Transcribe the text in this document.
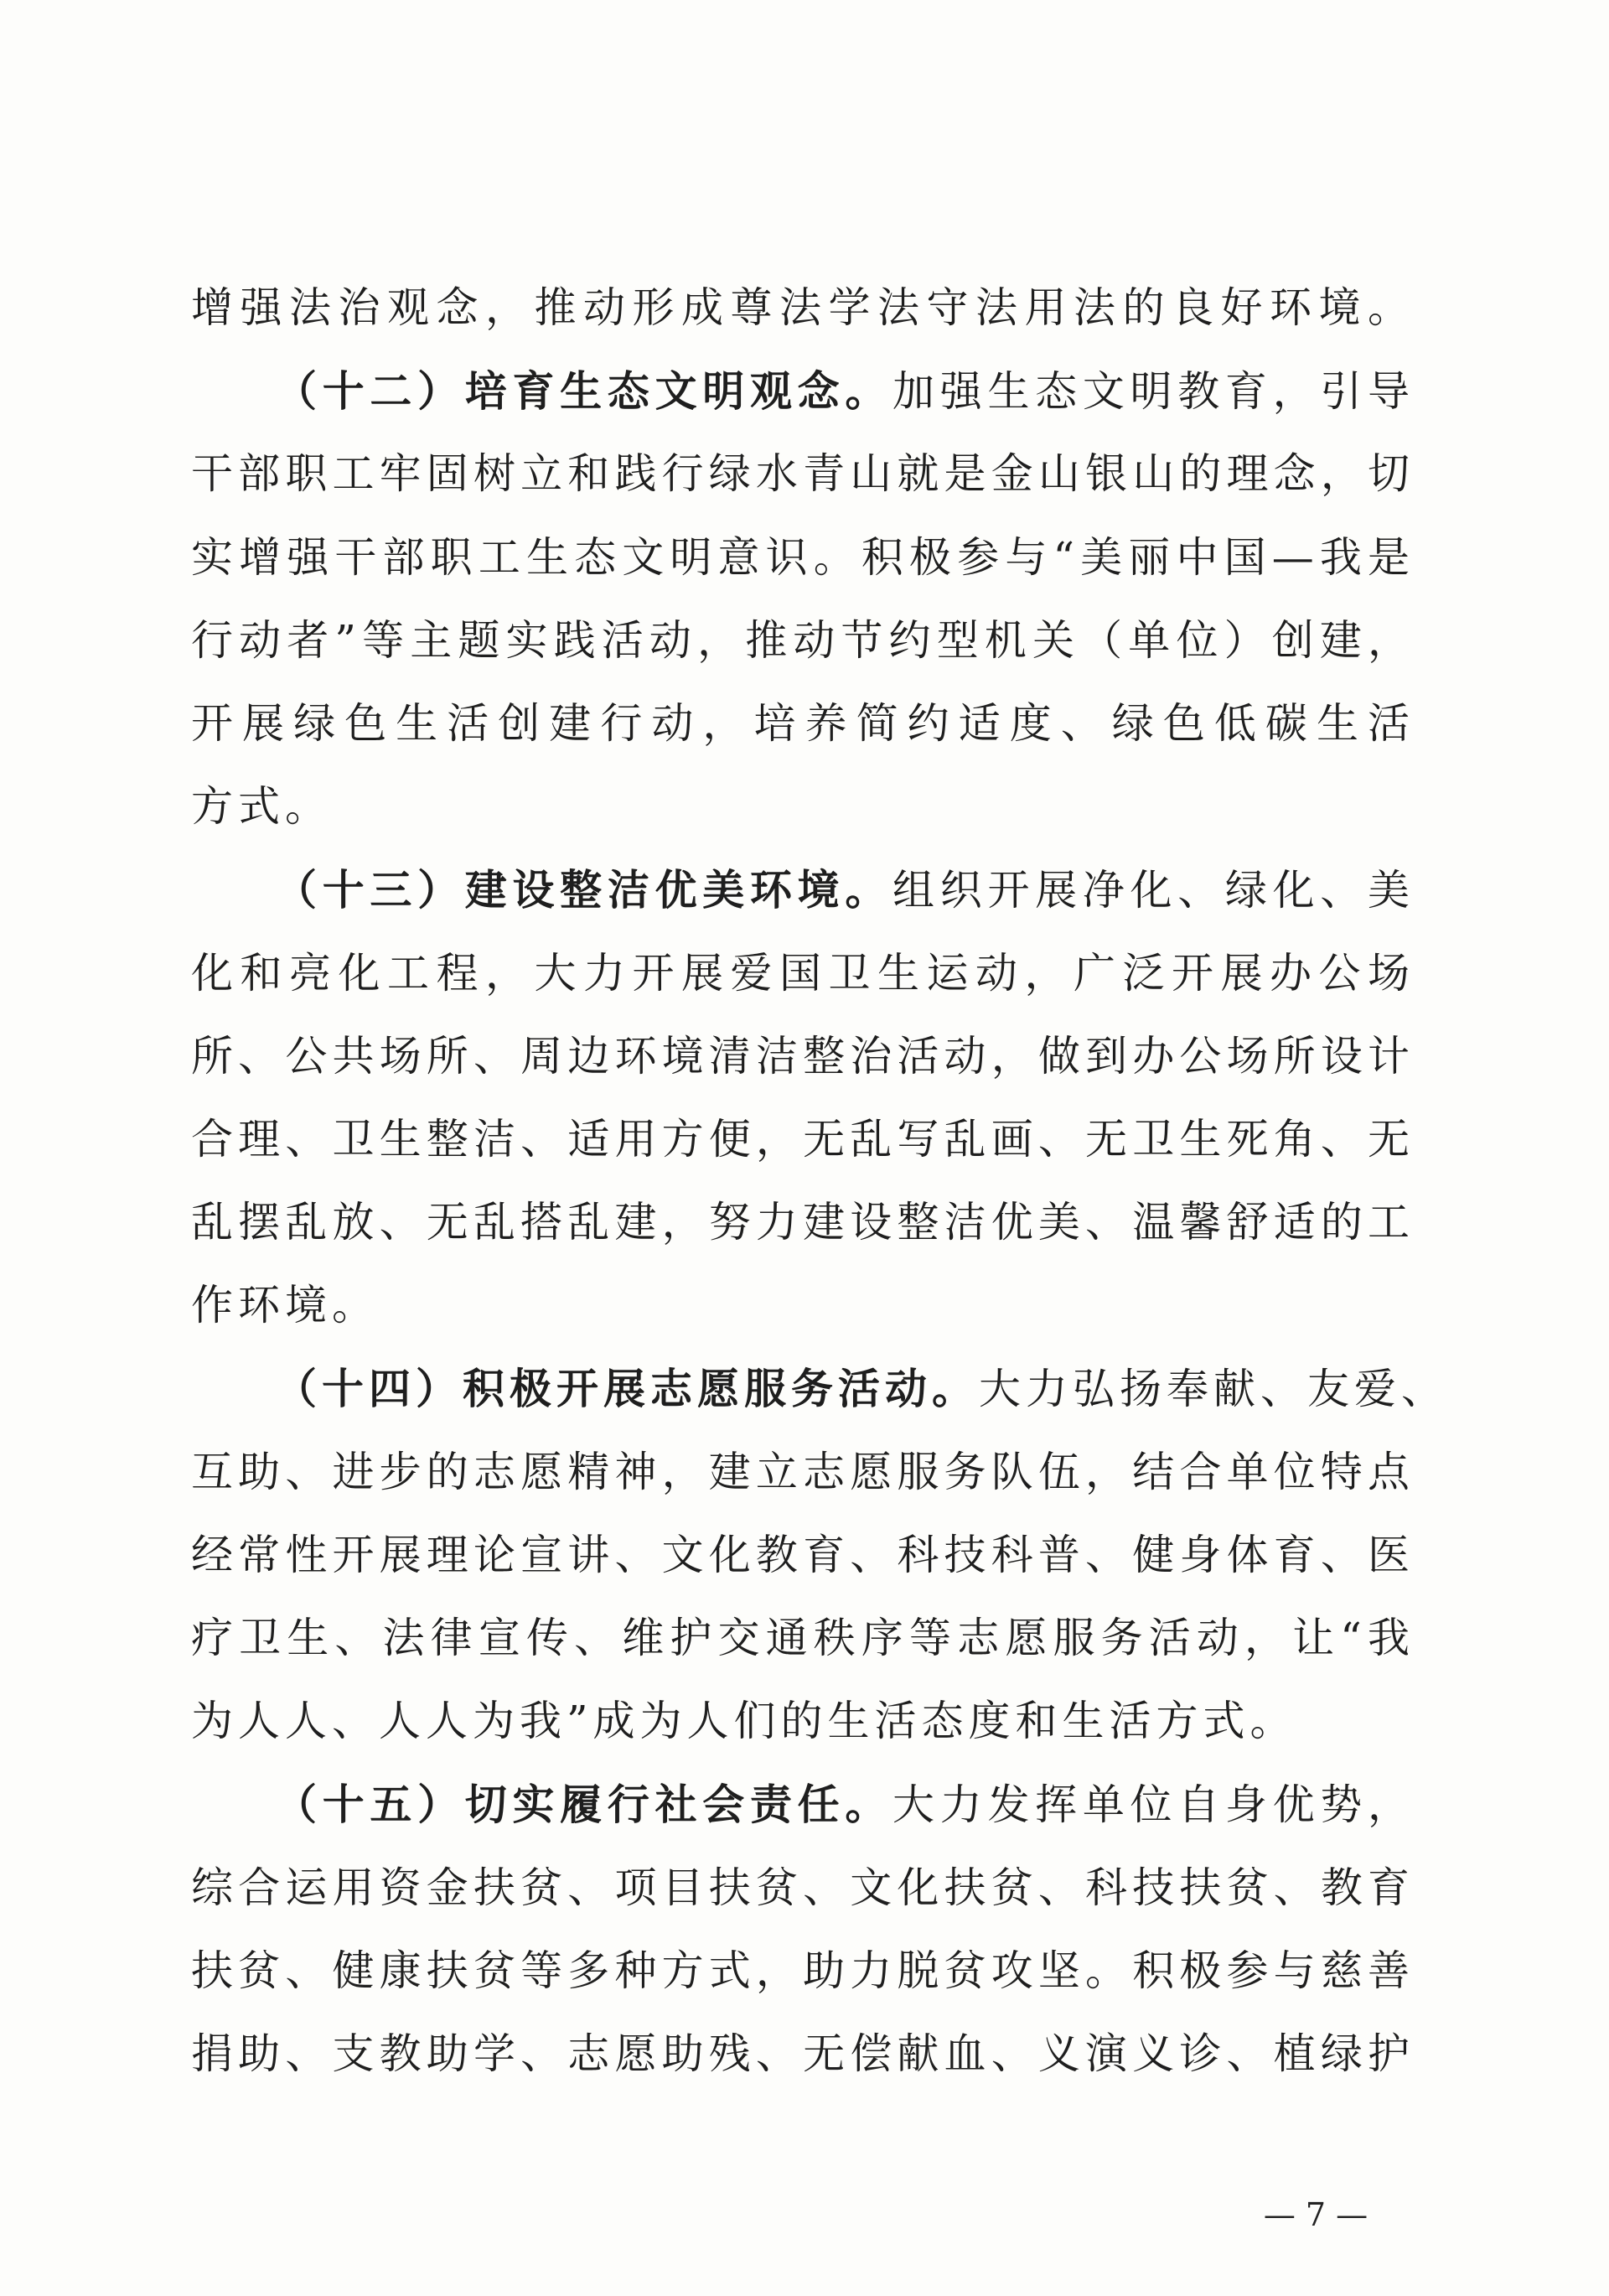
增强法治观念，推动形成尊法学法守法用法的良好环境。
（十二）培育生态文明观念。加强生态文明教育，引导
干部职工牢固树立和践行绿水青山就是金山银山的理念，切
实增强干部职工生态文明意识。积极参与“美丽中国—我是
行动者”等主题实践活动，推动节约型机关（单位）创建，
开展绿色生活创建行动，培养简约适度、绿色低碳生活
方式。
（十三）建设整洁优美环境。组织开展净化、绿化、美
化和亮化工程，大力开展爱国卫生运动，广泛开展办公场
所、公共场所、周边环境清洁整治活动，做到办公场所设计
合理、卫生整洁、适用方便，无乱写乱画、无卫生死角、无
乱摆乱放、无乱搭乱建，努力建设整洁优美、温馨舒适的工
作环境。
（十四）积极开展志愿服务活动。大力弘扬奉献、友爱、
互助、进步的志愿精神，建立志愿服务队伍，结合单位特点
经常性开展理论宣讲、文化教育、科技科普、健身体育、医
疗卫生、法律宣传、维护交通秩序等志愿服务活动，让“我
为人人、人人为我”成为人们的生活态度和生活方式。
（十五）切实履行社会责任。大力发挥单位自身优势，
综合运用资金扶贫、项目扶贫、文化扶贫、科技扶贫、教育
扶贫、健康扶贫等多种方式，助力脱贫攻坚。积极参与慈善
捐助、支教助学、志愿助残、无偿献血、义演义诊、植绿护
— 7 —
